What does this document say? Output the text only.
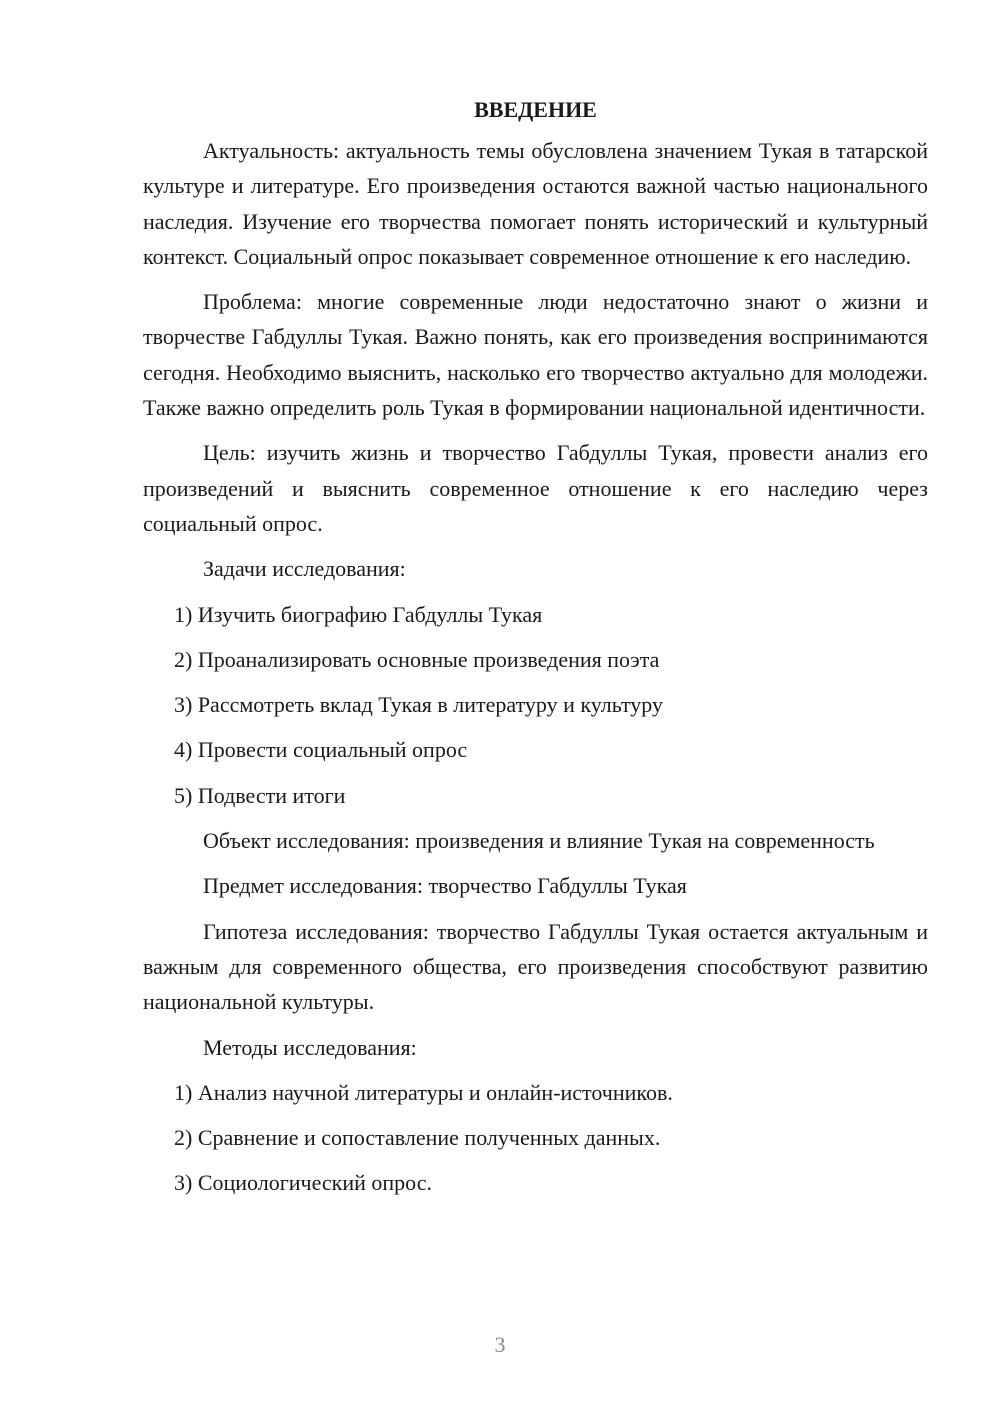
ВВЕДЕНИЕ

Актуальность: актуальность темы обусловлена значением Тукая в татарской культуре и литературе. Его произведения остаются важной частью национального наследия. Изучение его творчества помогает понять исторический и культурный контекст. Социальный опрос показывает современное отношение к его наследию.

Проблема: многие современные люди недостаточно знают о жизни и творчестве Габдуллы Тукая. Важно понять, как его произведения воспринимаются сегодня. Необходимо выяснить, насколько его творчество актуально для молодежи. Также важно определить роль Тукая в формировании национальной идентичности.

Цель: изучить жизнь и творчество Габдуллы Тукая, провести анализ его произведений и выяснить современное отношение к его наследию через социальный опрос.

Задачи исследования:

1) Изучить биографию Габдуллы Тукая

2) Проанализировать основные произведения поэта

3) Рассмотреть вклад Тукая в литературу и культуру

4) Провести социальный опрос

5) Подвести итоги

Объект исследования: произведения и влияние Тукая на современность

Предмет исследования: творчество Габдуллы Тукая

Гипотеза исследования: творчество Габдуллы Тукая остается актуальным и важным для современного общества, его произведения способствуют развитию национальной культуры.

Методы исследования:

1) Анализ научной литературы и онлайн-источников.

2) Сравнение и сопоставление полученных данных.

3) Социологический опрос.

3
